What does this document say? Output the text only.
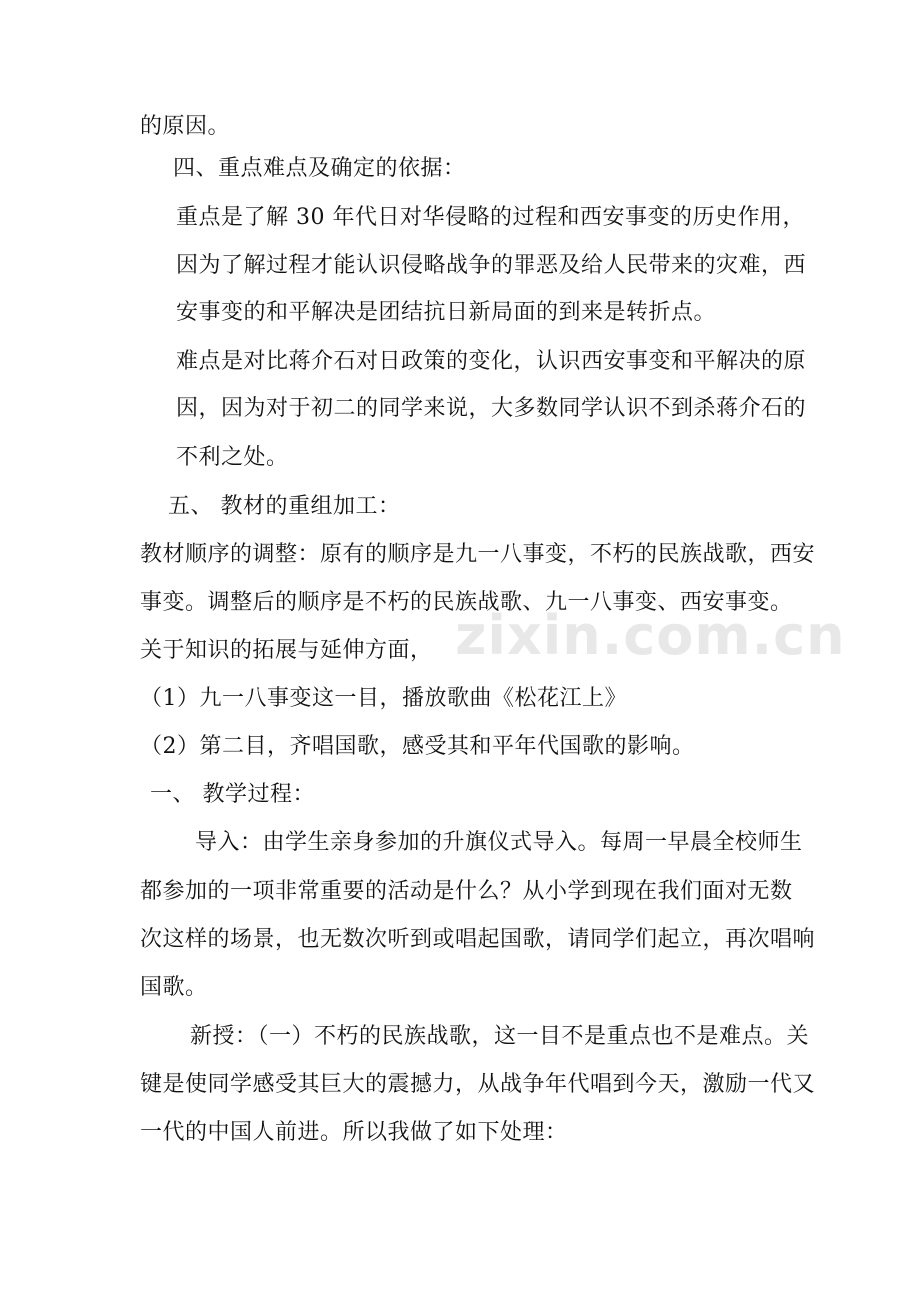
zixin.com.cn
的原因。
四、重点难点及确定的依据：
重点是了解 30 年代日对华侵略的过程和西安事变的历史作用，
因为了解过程才能认识侵略战争的罪恶及给人民带来的灾难，西
安事变的和平解决是团结抗日新局面的到来是转折点。
难点是对比蒋介石对日政策的变化，认识西安事变和平解决的原
因，因为对于初二的同学来说，大多数同学认识不到杀蒋介石的
不利之处。
五、 教材的重组加工：
教材顺序的调整：原有的顺序是九一八事变，不朽的民族战歌，西安
事变。调整后的顺序是不朽的民族战歌、九一八事变、西安事变。
关于知识的拓展与延伸方面，
（1）九一八事变这一目，播放歌曲《松花江上》
（2）第二目，齐唱国歌，感受其和平年代国歌的影响。
一、 教学过程：
导入：由学生亲身参加的升旗仪式导入。每周一早晨全校师生
都参加的一项非常重要的活动是什么？从小学到现在我们面对无数
次这样的场景，也无数次听到或唱起国歌，请同学们起立，再次唱响
国歌。
新授：（一）不朽的民族战歌，这一目不是重点也不是难点。关
键是使同学感受其巨大的震撼力，从战争年代唱到今天，激励一代又
一代的中国人前进。所以我做了如下处理：
